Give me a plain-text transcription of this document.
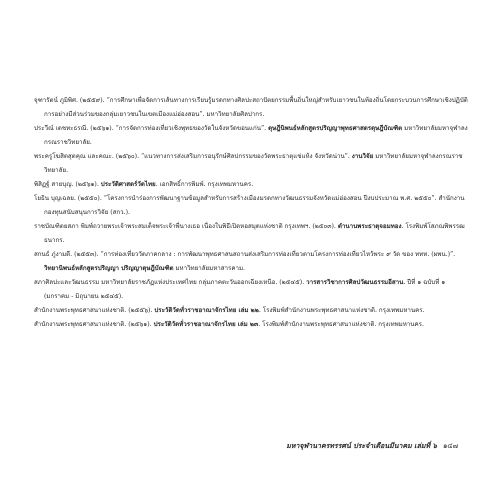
จุฑารัตน์ ภูมิพิศ. (๒๕๕๙). “การศึกษาเพื่อจัดการเส้นทางการเรียนรู้มรดกทางศิลปะสถาปัตยกรรมพื้นถิ่นใหญ่สำหรับเยาวชนในท้องถิ่นโดยกระบวนการศึกษาเชิงปฏิบัติการอย่างมีส่วนร่วมของกลุ่มเยาวชนในเขตเมืองแม่ฮ่องสอน”. มหาวิทยาลัยศิลปากร.

ประวีณ์ เดชทะธรณี. (๒๕๖๑). “การจัดการท่องเที่ยวเชิงพุทธของวัดในจังหวัดขอนแก่น”. ดุษฎีนิพนธ์หลักสูตรปริญญาพุทธศาสตรดุษฎีบัณฑิต มหาวิทยาลัยมหาจุฬาลงกรณราชวิทยาลัย.

พระครูโฆสิตสุตคุณ และคณะ. (๒๕๖๐). “แนวทางการส่งเสริมการอนุรักษ์ศิลปกรรมของวัดพระธาตุแช่แห้ง จังหวัดน่าน”. งานวิจัย มหาวิทยาลัยมหาจุฬาลงกรณราชวิทยาลัย.

พิสิฏฐ์ สายบุญ. (๒๕๖๑). ประวัติศาสตร์วัดไทย. เอกสิทธิ์การพิมพ์. กรุงเทพมหานคร.

โยธิน บุญเฉลย. (๒๕๕๐). “โครงการนำร่องการพัฒนาฐานข้อมูลสำหรับการสร้างเมืองมรดกทางวัฒนธรรมจังหวัดแม่ฮ่องสอน ปีงบประมาณ พ.ศ. ๒๕๕๐”. สำนักงานกองทุนสนับสนุนการวิจัย (สกว.).

ราชบัณฑิตยสภา พิมพ์ถวายพระเจ้าพระสมเด็จพระเจ้าพี่นางเธอ เนื่องในพิธีเปิดหอสมุดแห่งชาติ กรุงเทพฯ. (๒๕๐๓). ตำนานพระธาตุจอมทอง. โรงพิมพ์โสภณพิพรรฒธนากร.

สกนธ์ ภู่งามดี. (๒๕๕๓). “การท่องเที่ยววัดภาคกลาง : การพัฒนาพุทธศาสนสถานส่งเสริมการท่องเที่ยวตามโครงการท่องเที่ยวไหว้พระ ๙ วัด ของ ททท. (ผพน.)”. วิทยานิพนธ์หลักสูตรปริญญา ปริญญาดุษฎีบัณฑิต มหาวิทยาลัยมหาสารคาม.

สภาศิลปะและวัฒนธรรม มหาวิทยาลัยราชภัฏแห่งประเทศไทย กลุ่มภาคตะวันออกเฉียงเหนือ. (๒๕๔๕). วารสารวิชาการศิลปวัฒนธรรมอีสาน. ปีที่ ๑ ฉบับที่ ๑ (มกราคม - มิถุนายน ๒๕๔๕).

สำนักงานพระพุทธศาสนาแห่งชาติ. (๒๕๕๖). ประวัติวัดทั่วราชอาณาจักรไทย เล่ม ๒๒. โรงพิมพ์สำนักงานพระพุทธศาสนาแห่งชาติ. กรุงเทพมหานคร.

สำนักงานพระพุทธศาสนาแห่งชาติ. (๒๕๖๑). ประวัติวัดทั่วราชอาณาจักรไทย เล่ม ๒๓. โรงพิมพ์สำนักงานพระพุทธศาสนาแห่งชาติ. กรุงเทพมหานคร.

มหาจุฬานาครทรรศน์ ประจำเดือนมีนาคม เล่มที่ ๖ ๑๔๗
